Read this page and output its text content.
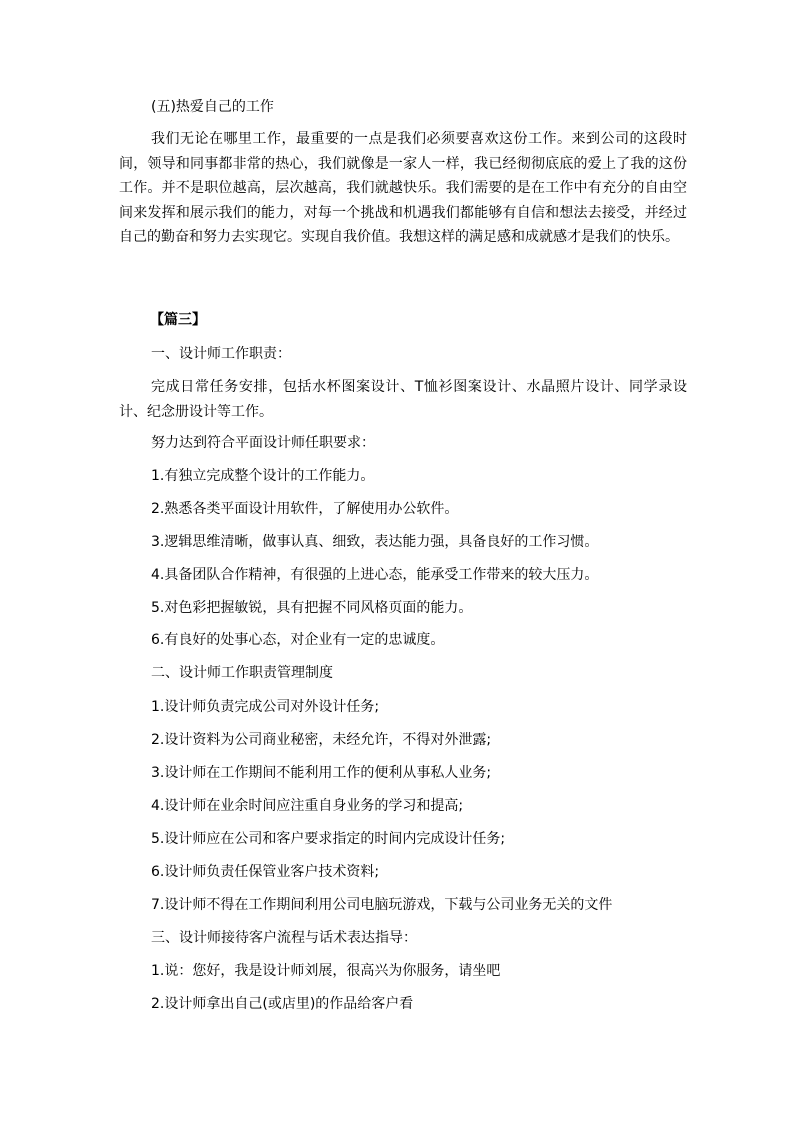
(五)热爱自己的工作

我们无论在哪里工作，最重要的一点是我们必须要喜欢这份工作。来到公司的这段时间，领导和同事都非常的热心，我们就像是一家人一样，我已经彻彻底底的爱上了我的这份工作。并不是职位越高，层次越高，我们就越快乐。我们需要的是在工作中有充分的自由空间来发挥和展示我们的能力，对每一个挑战和机遇我们都能够有自信和想法去接受，并经过自己的勤奋和努力去实现它。实现自我价值。我想这样的满足感和成就感才是我们的快乐。

【篇三】

一、设计师工作职责：

完成日常任务安排，包括水杯图案设计、T恤衫图案设计、水晶照片设计、同学录设计、纪念册设计等工作。

努力达到符合平面设计师任职要求：

1.有独立完成整个设计的工作能力。

2.熟悉各类平面设计用软件，了解使用办公软件。

3.逻辑思维清晰，做事认真、细致，表达能力强，具备良好的工作习惯。

4.具备团队合作精神，有很强的上进心态，能承受工作带来的较大压力。

5.对色彩把握敏锐，具有把握不同风格页面的能力。

6.有良好的处事心态，对企业有一定的忠诚度。

二、设计师工作职责管理制度

1.设计师负责完成公司对外设计任务;

2.设计资料为公司商业秘密，未经允许，不得对外泄露;

3.设计师在工作期间不能利用工作的便利从事私人业务;

4.设计师在业余时间应注重自身业务的学习和提高;

5.设计师应在公司和客户要求指定的时间内完成设计任务;

6.设计师负责任保管业客户技术资料;

7.设计师不得在工作期间利用公司电脑玩游戏，下载与公司业务无关的文件

三、设计师接待客户流程与话术表达指导：

1.说：您好，我是设计师刘展，很高兴为你服务，请坐吧

2.设计师拿出自己(或店里)的作品给客户看
